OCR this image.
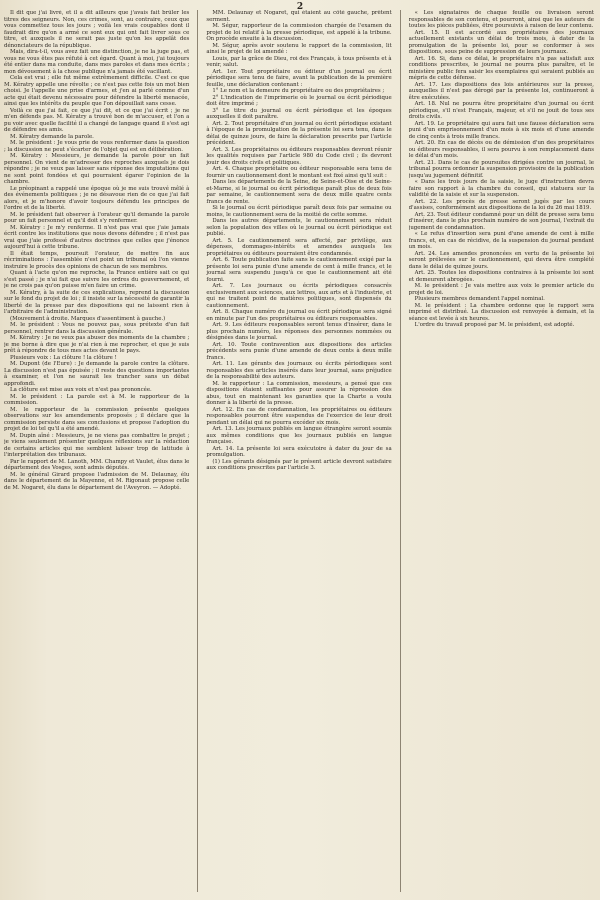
2

Il dit que j'ai livré, et il a dit ailleurs que j'avais fait brûler les titres des seigneurs. Non, ces crimes, sont, au contraire, ceux que vous commettez tous les jours ; voilà les vrais coupables dont il faudrait dire qu'on a armé ce sont eux qui ont fait livrer sous ce titre, et auxquels il ne serait pas juste qu'on les appelât des dénonciateurs de la république.

Mais, dira-t-il, vous avez fait une distinction, je ne la juge pas, et vous ne vous êtes pas réfuté à cet égard. Quant à moi, j'ai toujours été entier dans ma conduite, dans mes paroles et dans mes écrits ; mon dévouement à la chose publique n'a jamais été vacillant.

Cela est vrai ; elle fut même extrêmement difficile. C'est ce que M. Kératry appelle une révolte ; ce n'est pas cette fois un mot bien choisi. Je l'appelle une prise d'armes, et j'en ai parlé comme d'un acte qui était devenu nécessaire pour défendre la liberté menacée, ainsi que les intérêts du peuple que l'on dépouillait sans cesse.

Voilà ce que j'ai fait, ce que j'ai dit, et ce que j'ai écrit ; je ne m'en défends pas. M. Kératry a trouvé bon de m'accuser, et l'on a pu voir avec quelle facilité il a changé de langage quand il s'est agi de défendre ses amis.

M. Kératry demande la parole.

M. le président : Je vous prie de vous renfermer dans la question ; la discussion ne peut s'écarter de l'objet qui est en délibération.

M. Kératry : Messieurs, je demande la parole pour un fait personnel. On vient de m'adresser des reproches auxquels je dois répondre ; je ne veux pas laisser sans réponse des imputations qui ne sont point fondées et qui pourraient égarer l'opinion de la chambre.

Le préopinant a rappelé une époque où je me suis trouvé mêlé à des événements politiques ; je ne désavoue rien de ce que j'ai fait alors, et je m'honore d'avoir toujours défendu les principes de l'ordre et de la liberté.

M. le président fait observer à l'orateur qu'il demande la parole pour un fait personnel et qu'il doit s'y renfermer.

M. Kératry : Je m'y renferme. Il n'est pas vrai que j'aie jamais écrit contre les institutions que nous devons défendre ; il n'est pas vrai que j'aie professé d'autres doctrines que celles que j'énonce aujourd'hui à cette tribune.

Il était temps, poursuit l'orateur, de mettre fin aux récriminations : l'assemblée n'est point un tribunal où l'on vienne instruire le procès des opinions de chacun de ses membres.

Quant à l'acte qu'on me reproche, la France entière sait ce qui s'est passé ; je n'ai fait que suivre les ordres du gouvernement, et je ne crois pas qu'on puisse m'en faire un crime.

M. Kératry, à la suite de ces explications, reprend la discussion sur le fond du projet de loi ; il insiste sur la nécessité de garantir la liberté de la presse par des dispositions qui ne laissent rien à l'arbitraire de l'administration.

(Mouvement à droite. Marques d'assentiment à gauche.)

M. le président : Vous ne pouvez pas, sous prétexte d'un fait personnel, rentrer dans la discussion générale.

M. Kératry : Je ne veux pas abuser des moments de la chambre ; je me borne à dire que je n'ai rien à me reprocher, et que je suis prêt à répondre de tous mes actes devant le pays.

Plusieurs voix : La clôture ! la clôture !

M. Dupont (de l'Eure) : Je demande la parole contre la clôture. La discussion n'est pas épuisée ; il reste des questions importantes à examiner, et l'on ne saurait les trancher sans un débat approfondi.

La clôture est mise aux voix et n'est pas prononcée.

M. le président : La parole est à M. le rapporteur de la commission.

M. le rapporteur de la commission présente quelques observations sur les amendements proposés ; il déclare que la commission persiste dans ses conclusions et propose l'adoption du projet de loi tel qu'il a été amendé.

M. Dupin aîné : Messieurs, je ne viens pas combattre le projet ; je viens seulement présenter quelques réflexions sur la rédaction de certains articles qui me semblent laisser trop de latitude à l'interprétation des tribunaux.

Par le rapport de M. Lanoth, MM. Champy et Vaulet, élus dans le département des Vosges, sont admis députés.

M. le général Girard propose l'admission de M. Delaunay, élu dans le département de la Mayenne, et M. Rigonaut propose celle de M. Nogaret, élu dans le département de l'Aveyron. — Adopté.

MM. Delaunay et Nogaret, qui étaient au côté gauche, prêtent serment.

M. Ségur, rapporteur de la commission chargée de l'examen du projet de loi relatif à la presse périodique, est appelé à la tribune. On procède ensuite à la discussion.

M. Ségur, après avoir soutenu le rapport de la commission, lit ainsi le projet de loi amendé :

Louis, par la grâce de Dieu, roi des Français, à tous présents et à venir, salut.

Art. 1er. Tout propriétaire ou éditeur d'un journal ou écrit périodique sera tenu de faire, avant la publication de la première feuille, une déclaration contenant :

1° Le nom et la demeure du propriétaire ou des propriétaires ;

2° L'indication de l'imprimerie où le journal ou écrit périodique doit être imprimé ;

3° Le titre du journal ou écrit périodique et les époques auxquelles il doit paraître.

Art. 2. Tout propriétaire d'un journal ou écrit périodique existant à l'époque de la promulgation de la présente loi sera tenu, dans le délai de quinze jours, de faire la déclaration prescrite par l'article précédent.

Art. 3. Les propriétaires ou éditeurs responsables devront réunir les qualités requises par l'article 980 du Code civil ; ils devront jouir des droits civils et politiques.

Art. 4. Chaque propriétaire ou éditeur responsable sera tenu de fournir un cautionnement dont le montant est fixé ainsi qu'il suit :

Dans les départements de la Seine, de Seine-et-Oise et de Seine-et-Marne, si le journal ou écrit périodique paraît plus de deux fois par semaine, le cautionnement sera de deux mille quatre cents francs de rente.

Si le journal ou écrit périodique paraît deux fois par semaine ou moins, le cautionnement sera de la moitié de cette somme.

Dans les autres départements, le cautionnement sera réduit selon la population des villes où le journal ou écrit périodique est publié.

Art. 5. Le cautionnement sera affecté, par privilège, aux dépenses, dommages-intérêts et amendes auxquels les propriétaires ou éditeurs pourraient être condamnés.

Art. 6. Toute publication faite sans le cautionnement exigé par la présente loi sera punie d'une amende de cent à mille francs, et le journal sera suspendu jusqu'à ce que le cautionnement ait été fourni.

Art. 7. Les journaux ou écrits périodiques consacrés exclusivement aux sciences, aux lettres, aux arts et à l'industrie, et qui ne traitent point de matières politiques, sont dispensés du cautionnement.

Art. 8. Chaque numéro du journal ou écrit périodique sera signé en minute par l'un des propriétaires ou éditeurs responsables.

Art. 9. Les éditeurs responsables seront tenus d'insérer, dans le plus prochain numéro, les réponses des personnes nommées ou désignées dans le journal.

Art. 10. Toute contravention aux dispositions des articles précédents sera punie d'une amende de deux cents à deux mille francs.

Art. 11. Les gérants des journaux ou écrits périodiques sont responsables des articles insérés dans leur journal, sans préjudice de la responsabilité des auteurs.

M. le rapporteur : La commission, messieurs, a pensé que ces dispositions étaient suffisantes pour assurer la répression des abus, tout en maintenant les garanties que la Charte a voulu donner à la liberté de la presse.

Art. 12. En cas de condamnation, les propriétaires ou éditeurs responsables pourront être suspendus de l'exercice de leur droit pendant un délai qui ne pourra excéder six mois.

Art. 13. Les journaux publiés en langue étrangère seront soumis aux mêmes conditions que les journaux publiés en langue française.

Art. 14. La présente loi sera exécutoire à dater du jour de sa promulgation.

(1) Les gérants désignés par le présent article devront satisfaire aux conditions prescrites par l'article 3.

« Les signataires de chaque feuille ou livraison seront responsables de son contenu, et pourront, ainsi que les auteurs de toutes les pièces publiées, être poursuivis à raison de leur contenu.

Art. 15. Il est accordé aux propriétaires des journaux actuellement existants un délai de trois mois, à dater de la promulgation de la présente loi, pour se conformer à ses dispositions, sous peine de suppression de leurs journaux.

Art. 16. Si, dans ce délai, le propriétaire n'a pas satisfait aux conditions prescrites, le journal ne pourra plus paraître, et le ministère public fera saisir les exemplaires qui seraient publiés au mépris de cette défense.

Art. 17. Les dispositions des lois antérieures sur la presse, auxquelles il n'est pas dérogé par la présente loi, continueront à être exécutées.

Art. 18. Nul ne pourra être propriétaire d'un journal ou écrit périodique, s'il n'est Français, majeur, et s'il ne jouit de tous ses droits civils.

Art. 19. Le propriétaire qui aura fait une fausse déclaration sera puni d'un emprisonnement d'un mois à six mois et d'une amende de cinq cents à trois mille francs.

Art. 20. En cas de décès ou de démission d'un des propriétaires ou éditeurs responsables, il sera pourvu à son remplacement dans le délai d'un mois.

Art. 21. Dans le cas de poursuites dirigées contre un journal, le tribunal pourra ordonner la suspension provisoire de la publication jusqu'au jugement définitif.

« Dans les trois jours de la saisie, le juge d'instruction devra faire son rapport à la chambre du conseil, qui statuera sur la validité de la saisie et sur la suspension.

Art. 22. Les procès de presse seront jugés par les cours d'assises, conformément aux dispositions de la loi du 26 mai 1819.

Art. 23. Tout éditeur condamné pour un délit de presse sera tenu d'insérer, dans le plus prochain numéro de son journal, l'extrait du jugement de condamnation.

« Le refus d'insertion sera puni d'une amende de cent à mille francs, et, en cas de récidive, de la suspension du journal pendant un mois.

Art. 24. Les amendes prononcées en vertu de la présente loi seront prélevées sur le cautionnement, qui devra être complété dans le délai de quinze jours.

Art. 25. Toutes les dispositions contraires à la présente loi sont et demeurent abrogées.

M. le président : Je vais mettre aux voix le premier article du projet de loi.

Plusieurs membres demandent l'appel nominal.

M. le président : La chambre ordonne que le rapport sera imprimé et distribué. La discussion est renvoyée à demain, et la séance est levée à six heures.

L'ordre du travail proposé par M. le président, est adopté.
